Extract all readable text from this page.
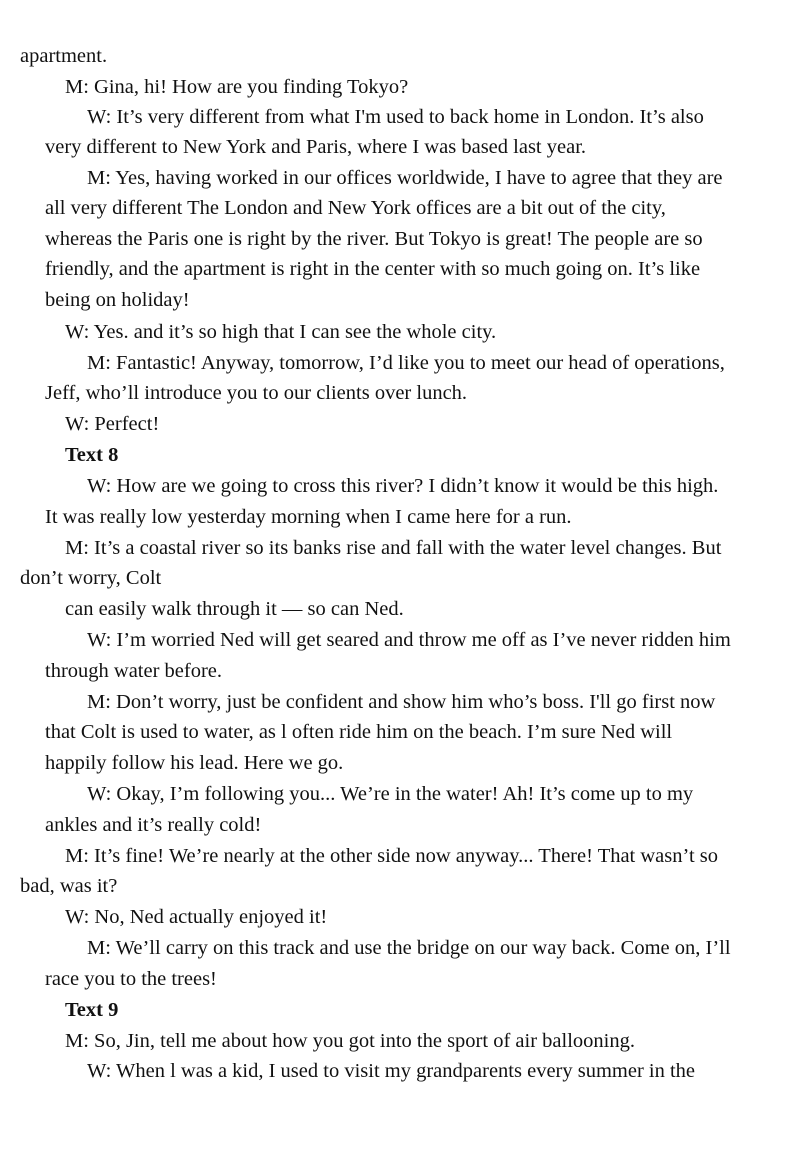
apartment.
M: Gina, hi! How are you finding Tokyo?
W: It’s very different from what I'm used to back home in London. It’s also
very different to New York and Paris, where I was based last year.
M: Yes, having worked in our offices worldwide, I have to agree that they are
all very different The London and New York offices are a bit out of the city,
whereas the Paris one is right by the river. But Tokyo is great! The people are so
friendly, and the apartment is right in the center with so much going on. It’s like
being on holiday!
W: Yes. and it’s so high that I can see the whole city.
M: Fantastic! Anyway, tomorrow, I’d like you to meet our head of operations,
Jeff, who’ll introduce you to our clients over lunch.
W: Perfect!
Text 8
W: How are we going to cross this river? I didn’t know it would be this high.
It was really low yesterday morning when I came here for a run.
M: It’s a coastal river so its banks rise and fall with the water level changes. But
don’t worry, Colt
can easily walk through it — so can Ned.
W: I’m worried Ned will get seared and throw me off as I’ve never ridden him
through water before.
M: Don’t worry, just be confident and show him who’s boss. I'll go first now
that Colt is used to water, as l often ride him on the beach. I’m sure Ned will
happily follow his lead. Here we go.
W: Okay, I’m following you... We’re in the water! Ah! It’s come up to my
ankles and it’s really cold!
M: It’s fine! We’re nearly at the other side now anyway... There! That wasn’t so
bad, was it?
W: No, Ned actually enjoyed it!
M: We’ll carry on this track and use the bridge on our way back. Come on, I’ll
race you to the trees!
Text 9
M: So, Jin, tell me about how you got into the sport of air ballooning.
W: When l was a kid, I used to visit my grandparents every summer in the
